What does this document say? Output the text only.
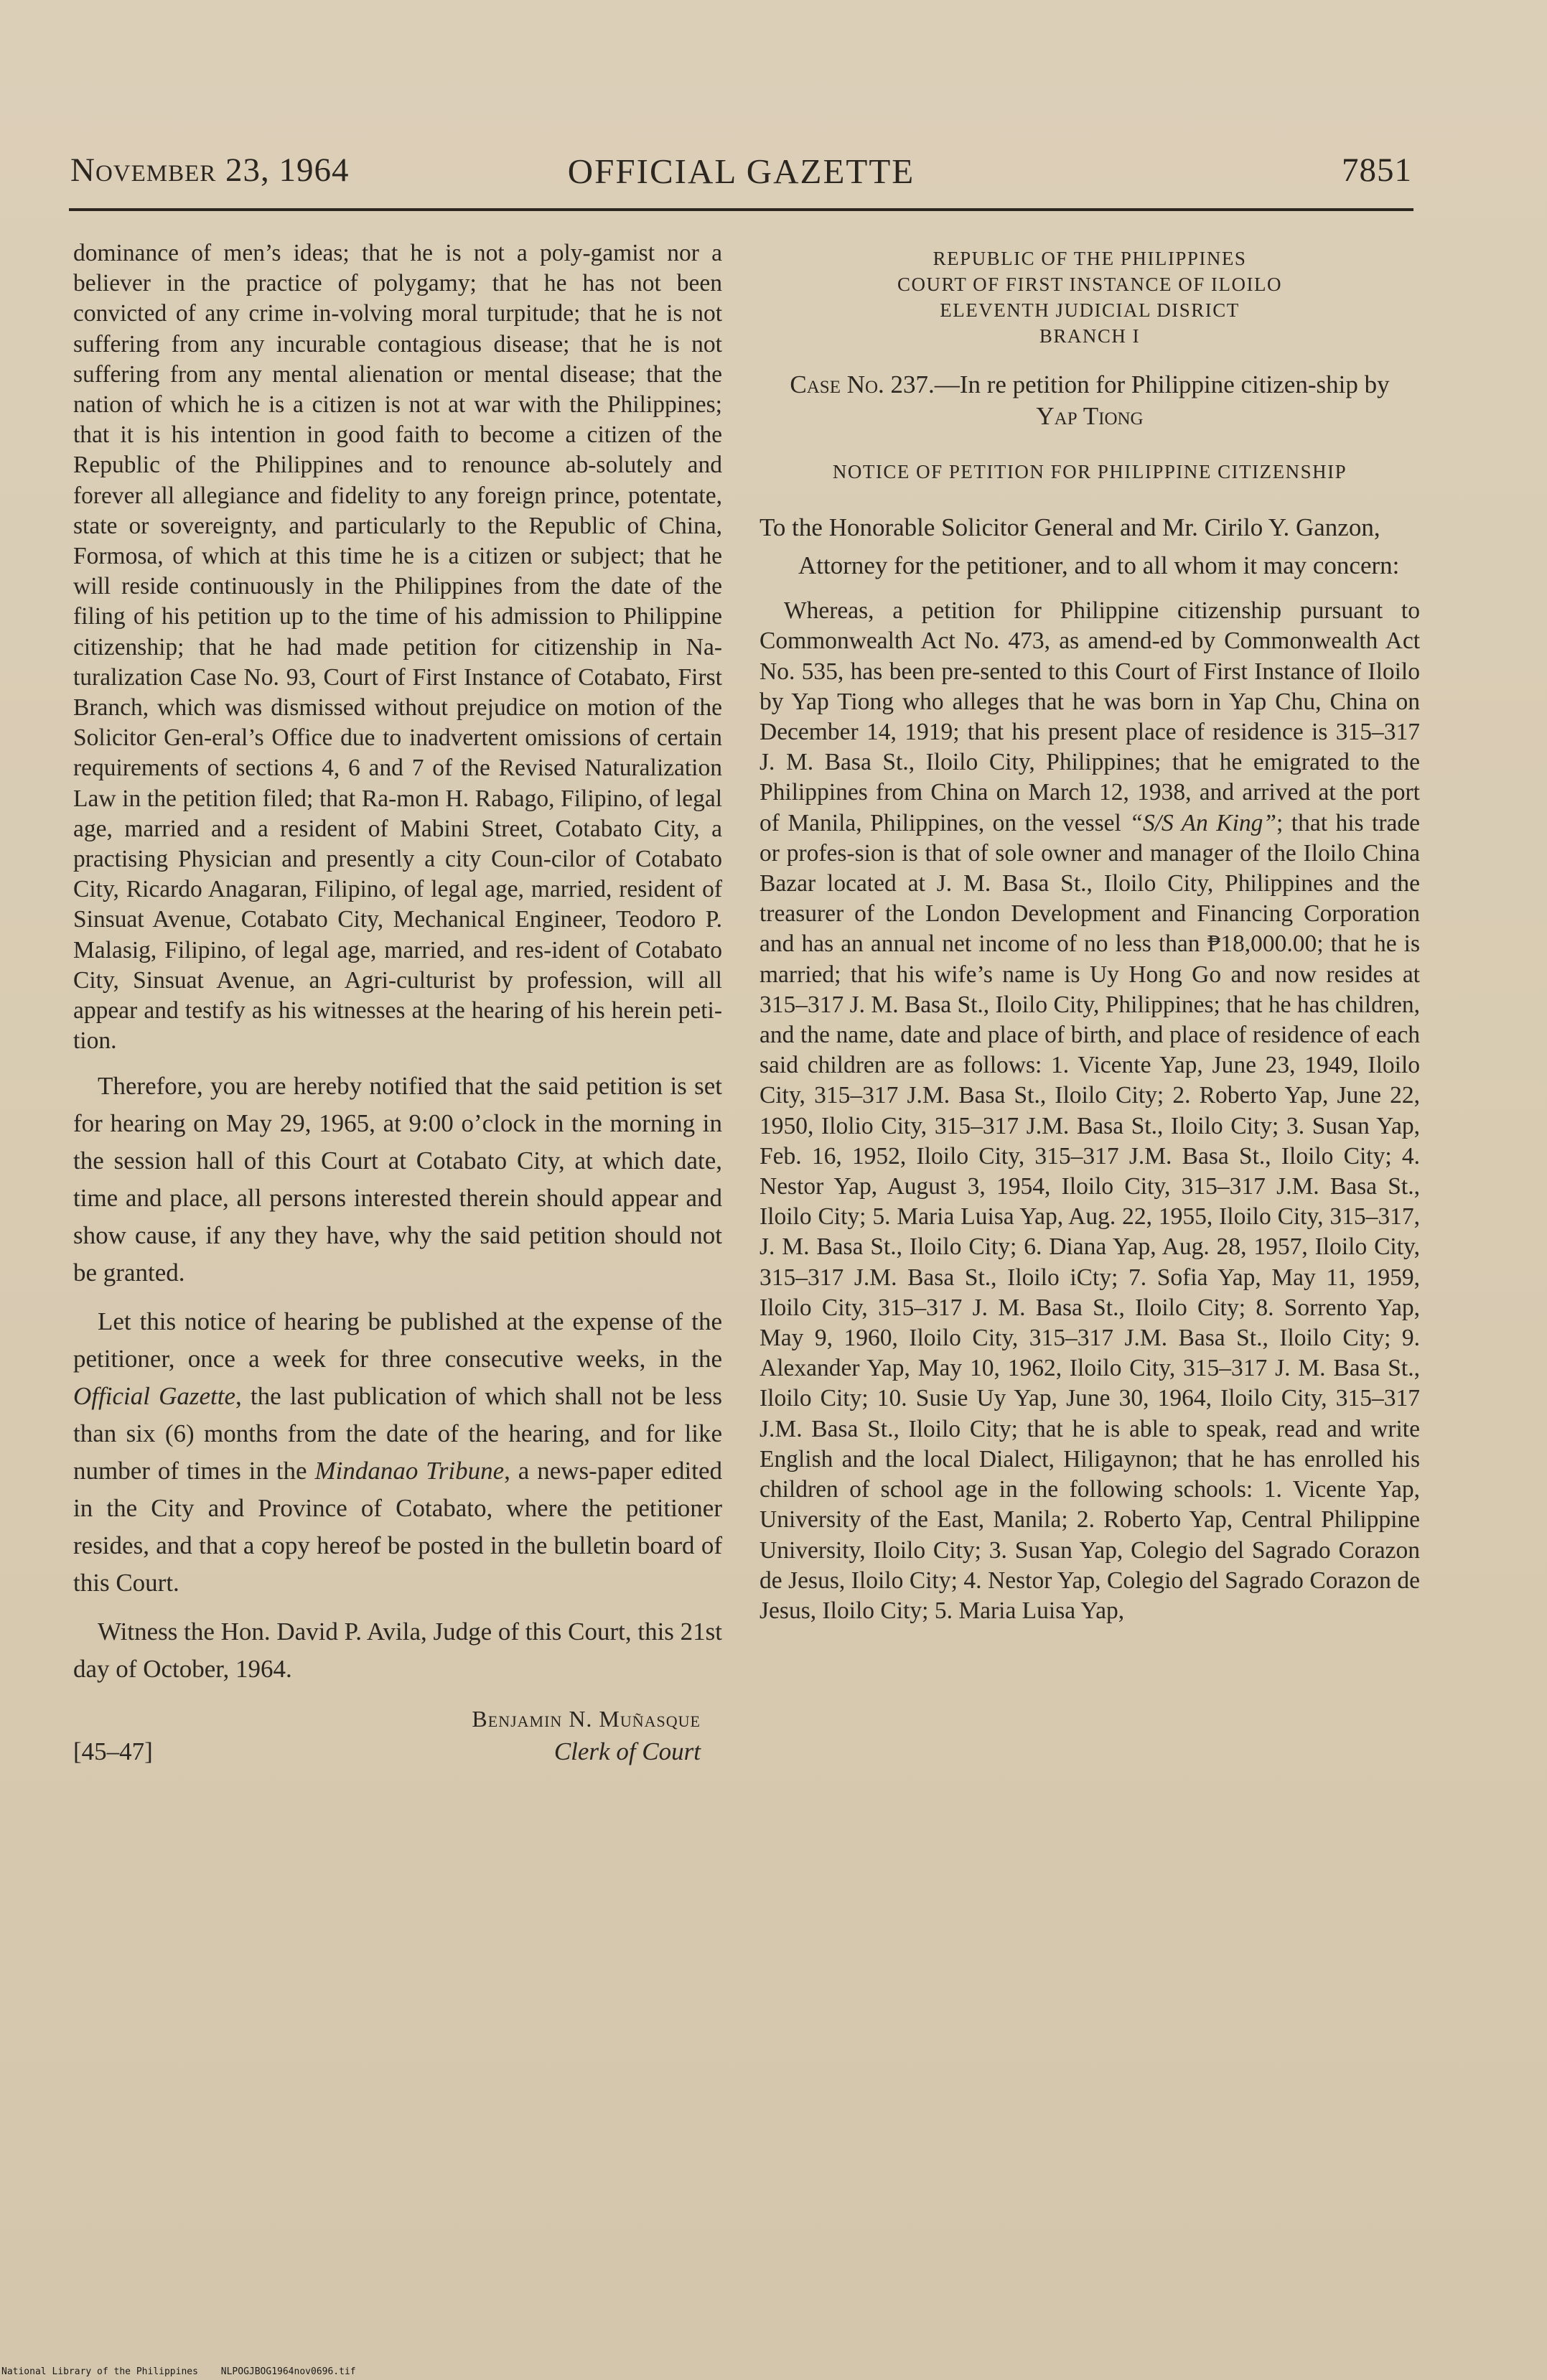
November 23, 1964	OFFICIAL GAZETTE	7851

dominance of men’s ideas; that he is not a poly-gamist nor a believer in the practice of polygamy; that he has not been convicted of any crime in-volving moral turpitude; that he is not suffering from any incurable contagious disease; that he is not suffering from any mental alienation or mental disease; that the nation of which he is a citizen is not at war with the Philippines; that it is his intention in good faith to become a citizen of the Republic of the Philippines and to renounce ab-solutely and forever all allegiance and fidelity to any foreign prince, potentate, state or sovereignty, and particularly to the Republic of China, Formosa, of which at this time he is a citizen or subject; that he will reside continuously in the Philippines from the date of the filing of his petition up to the time of his admission to Philippine citizenship; that he had made petition for citizenship in Na-turalization Case No. 93, Court of First Instance of Cotabato, First Branch, which was dismissed without prejudice on motion of the Solicitor Gen-eral’s Office due to inadvertent omissions of certain requirements of sections 4, 6 and 7 of the Revised Naturalization Law in the petition filed; that Ra-mon H. Rabago, Filipino, of legal age, married and a resident of Mabini Street, Cotabato City, a practising Physician and presently a city Coun-cilor of Cotabato City, Ricardo Anagaran, Filipino, of legal age, married, resident of Sinsuat Avenue, Cotabato City, Mechanical Engineer, Teodoro P. Malasig, Filipino, of legal age, married, and res-ident of Cotabato City, Sinsuat Avenue, an Agri-culturist by profession, will all appear and testify as his witnesses at the hearing of his herein peti-tion.

Therefore, you are hereby notified that the said petition is set for hearing on May 29, 1965, at 9:00 o’clock in the morning in the session hall of this Court at Cotabato City, at which date, time and place, all persons interested therein should appear and show cause, if any they have, why the said petition should not be granted.

Let this notice of hearing be published at the expense of the petitioner, once a week for three consecutive weeks, in the Official Gazette, the last publication of which shall not be less than six (6) months from the date of the hearing, and for like number of times in the Mindanao Tribune, a news-paper edited in the City and Province of Cotabato, where the petitioner resides, and that a copy hereof be posted in the bulletin board of this Court.

Witness the Hon. David P. Avila, Judge of this Court, this 21st day of October, 1964.

Benjamin N. Muñasque
Clerk of Court
[45–47]
REPUBLIC OF THE PHILIPPINES
COURT OF FIRST INSTANCE OF ILOILO
ELEVENTH JUDICIAL DISRICT
BRANCH I

Case No. 237.—In re petition for Philippine citizen-ship by Yap Tiong

NOTICE OF PETITION FOR PHILIPPINE CITIZENSHIP

To the Honorable Solicitor General and Mr. Cirilo Y. Ganzon, Attorney for the petitioner, and to all whom it may concern:

Whereas, a petition for Philippine citizenship pursuant to Commonwealth Act No. 473, as amend-ed by Commonwealth Act No. 535, has been pre-sented to this Court of First Instance of Iloilo by Yap Tiong who alleges that he was born in Yap Chu, China on December 14, 1919; that his present place of residence is 315–317 J. M. Basa St., Iloilo City, Philippines; that he emigrated to the Philippines from China on March 12, 1938, and arrived at the port of Manila, Philippines, on the vessel “S/S An King”; that his trade or profes-sion is that of sole owner and manager of the Iloilo China Bazar located at J. M. Basa St., Iloilo City, Philippines and the treasurer of the London Development and Financing Corporation and has an annual net income of no less than ₱18,000.00; that he is married; that his wife’s name is Uy Hong Go and now resides at 315–317 J. M. Basa St., Iloilo City, Philippines; that he has children, and the name, date and place of birth, and place of residence of each said children are as follows: 1. Vicente Yap, June 23, 1949, Iloilo City, 315–317 J.M. Basa St., Iloilo City; 2. Roberto Yap, June 22, 1950, Ilolio City, 315–317 J.M. Basa St., Iloilo City; 3. Susan Yap, Feb. 16, 1952, Iloilo City, 315–317 J.M. Basa St., Iloilo City; 4. Nestor Yap, August 3, 1954, Iloilo City, 315–317 J.M. Basa St., Iloilo City; 5. Maria Luisa Yap, Aug. 22, 1955, Iloilo City, 315–317, J. M. Basa St., Iloilo City; 6. Diana Yap, Aug. 28, 1957, Iloilo City, 315–317 J.M. Basa St., Iloilo iCty; 7. Sofia Yap, May 11, 1959, Iloilo City, 315–317 J. M. Basa St., Iloilo City; 8. Sorrento Yap, May 9, 1960, Iloilo City, 315–317 J.M. Basa St., Iloilo City; 9. Alexander Yap, May 10, 1962, Iloilo City, 315–317 J. M. Basa St., Iloilo City; 10. Susie Uy Yap, June 30, 1964, Iloilo City, 315–317 J.M. Basa St., Iloilo City; that he is able to speak, read and write English and the local Dialect, Hiligaynon; that he has enrolled his children of school age in the following schools: 1. Vicente Yap, University of the East, Manila; 2. Roberto Yap, Central Philippine University, Iloilo City; 3. Susan Yap, Colegio del Sagrado Corazon de Jesus, Iloilo City; 4. Nestor Yap, Colegio del Sagrado Corazon de Jesus, Iloilo City; 5. Maria Luisa Yap,

National Library of the Philippines NLPOGJBOG1964nov0696.tif
